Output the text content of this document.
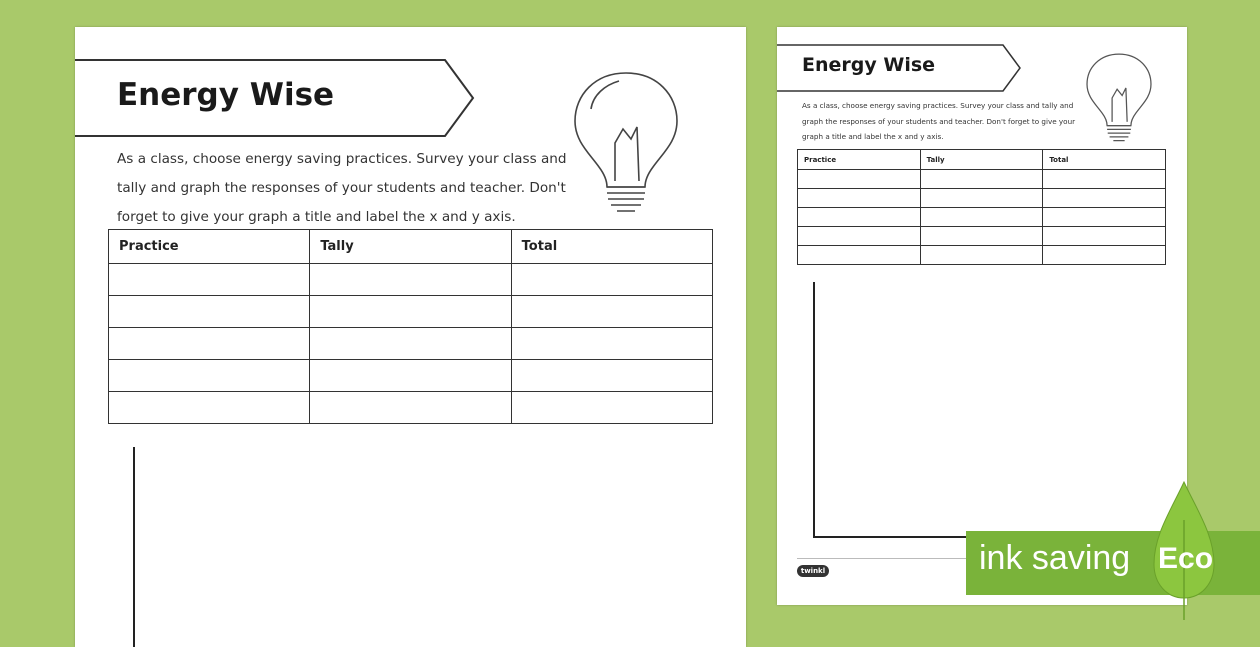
Energy Wise
As a class, choose energy saving practices. Survey your class and tally and graph the responses of your students and teacher. Don't forget to give your graph a title and label the x and y axis.
Practice	Tally	Total

Energy Wise
As a class, choose energy saving practices. Survey your class and tally and graph the responses of your students and teacher. Don't forget to give your graph a title and label the x and y axis.
Practice	Tally	Total

twinkl	ink saving Eco
